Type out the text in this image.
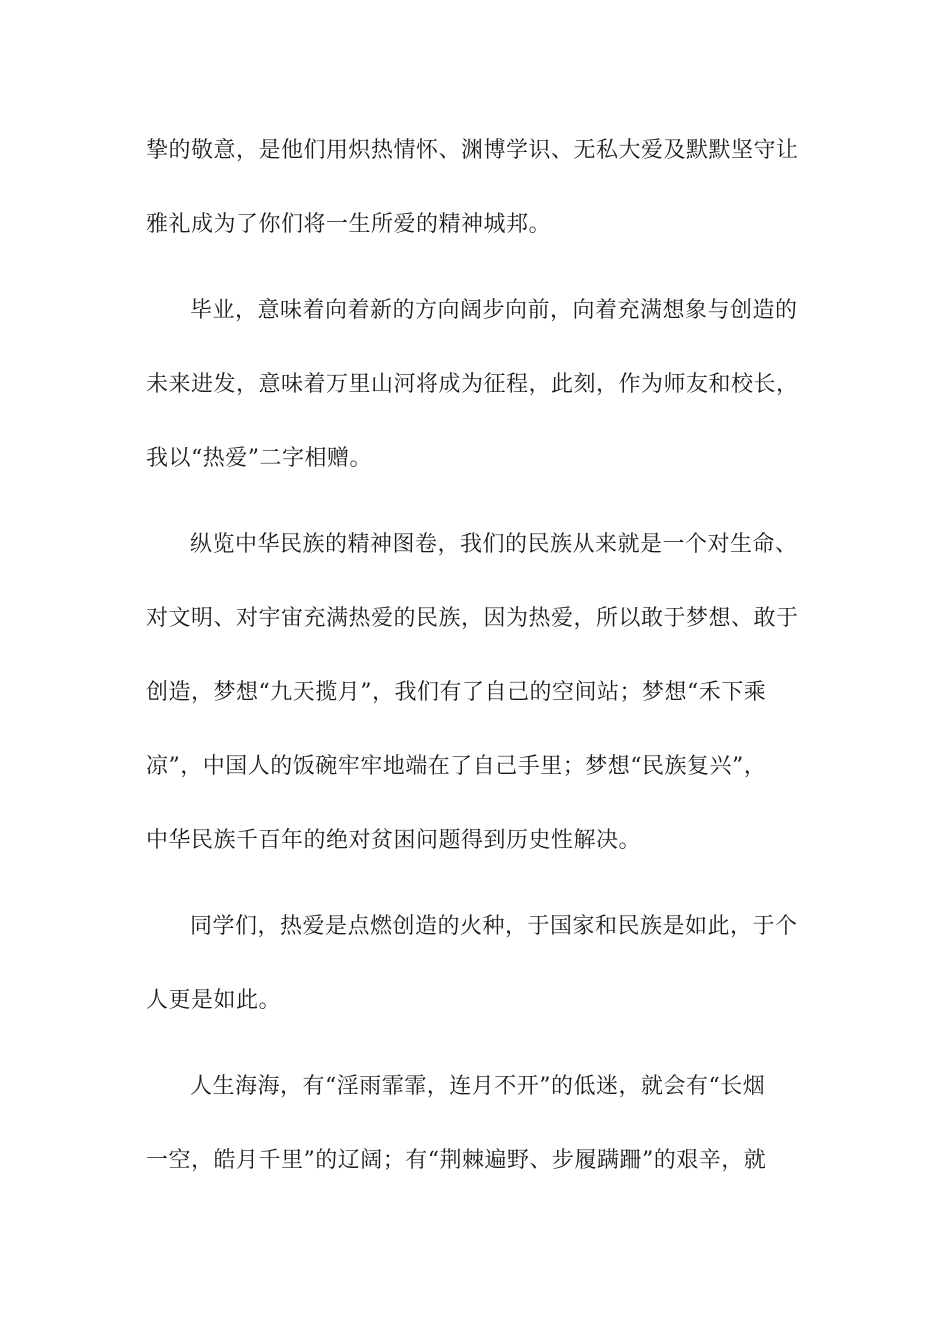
挚的敬意，是他们用炽热情怀、渊博学识、无私大爱及默默坚守让
雅礼成为了你们将一生所爱的精神城邦。
毕业，意味着向着新的方向阔步向前，向着充满想象与创造的
未来进发，意味着万里山河将成为征程，此刻，作为师友和校长，
我以“热爱”二字相赠。
纵览中华民族的精神图卷，我们的民族从来就是一个对生命、
对文明、对宇宙充满热爱的民族，因为热爱，所以敢于梦想、敢于
创造，梦想“九天揽月”，我们有了自己的空间站；梦想“禾下乘
凉”，中国人的饭碗牢牢地端在了自己手里；梦想“民族复兴”，
中华民族千百年的绝对贫困问题得到历史性解决。
同学们，热爱是点燃创造的火种，于国家和民族是如此，于个
人更是如此。
人生海海，有“淫雨霏霏，连月不开”的低迷，就会有“长烟
一空，皓月千里”的辽阔；有“荆棘遍野、步履蹒跚”的艰辛，就
